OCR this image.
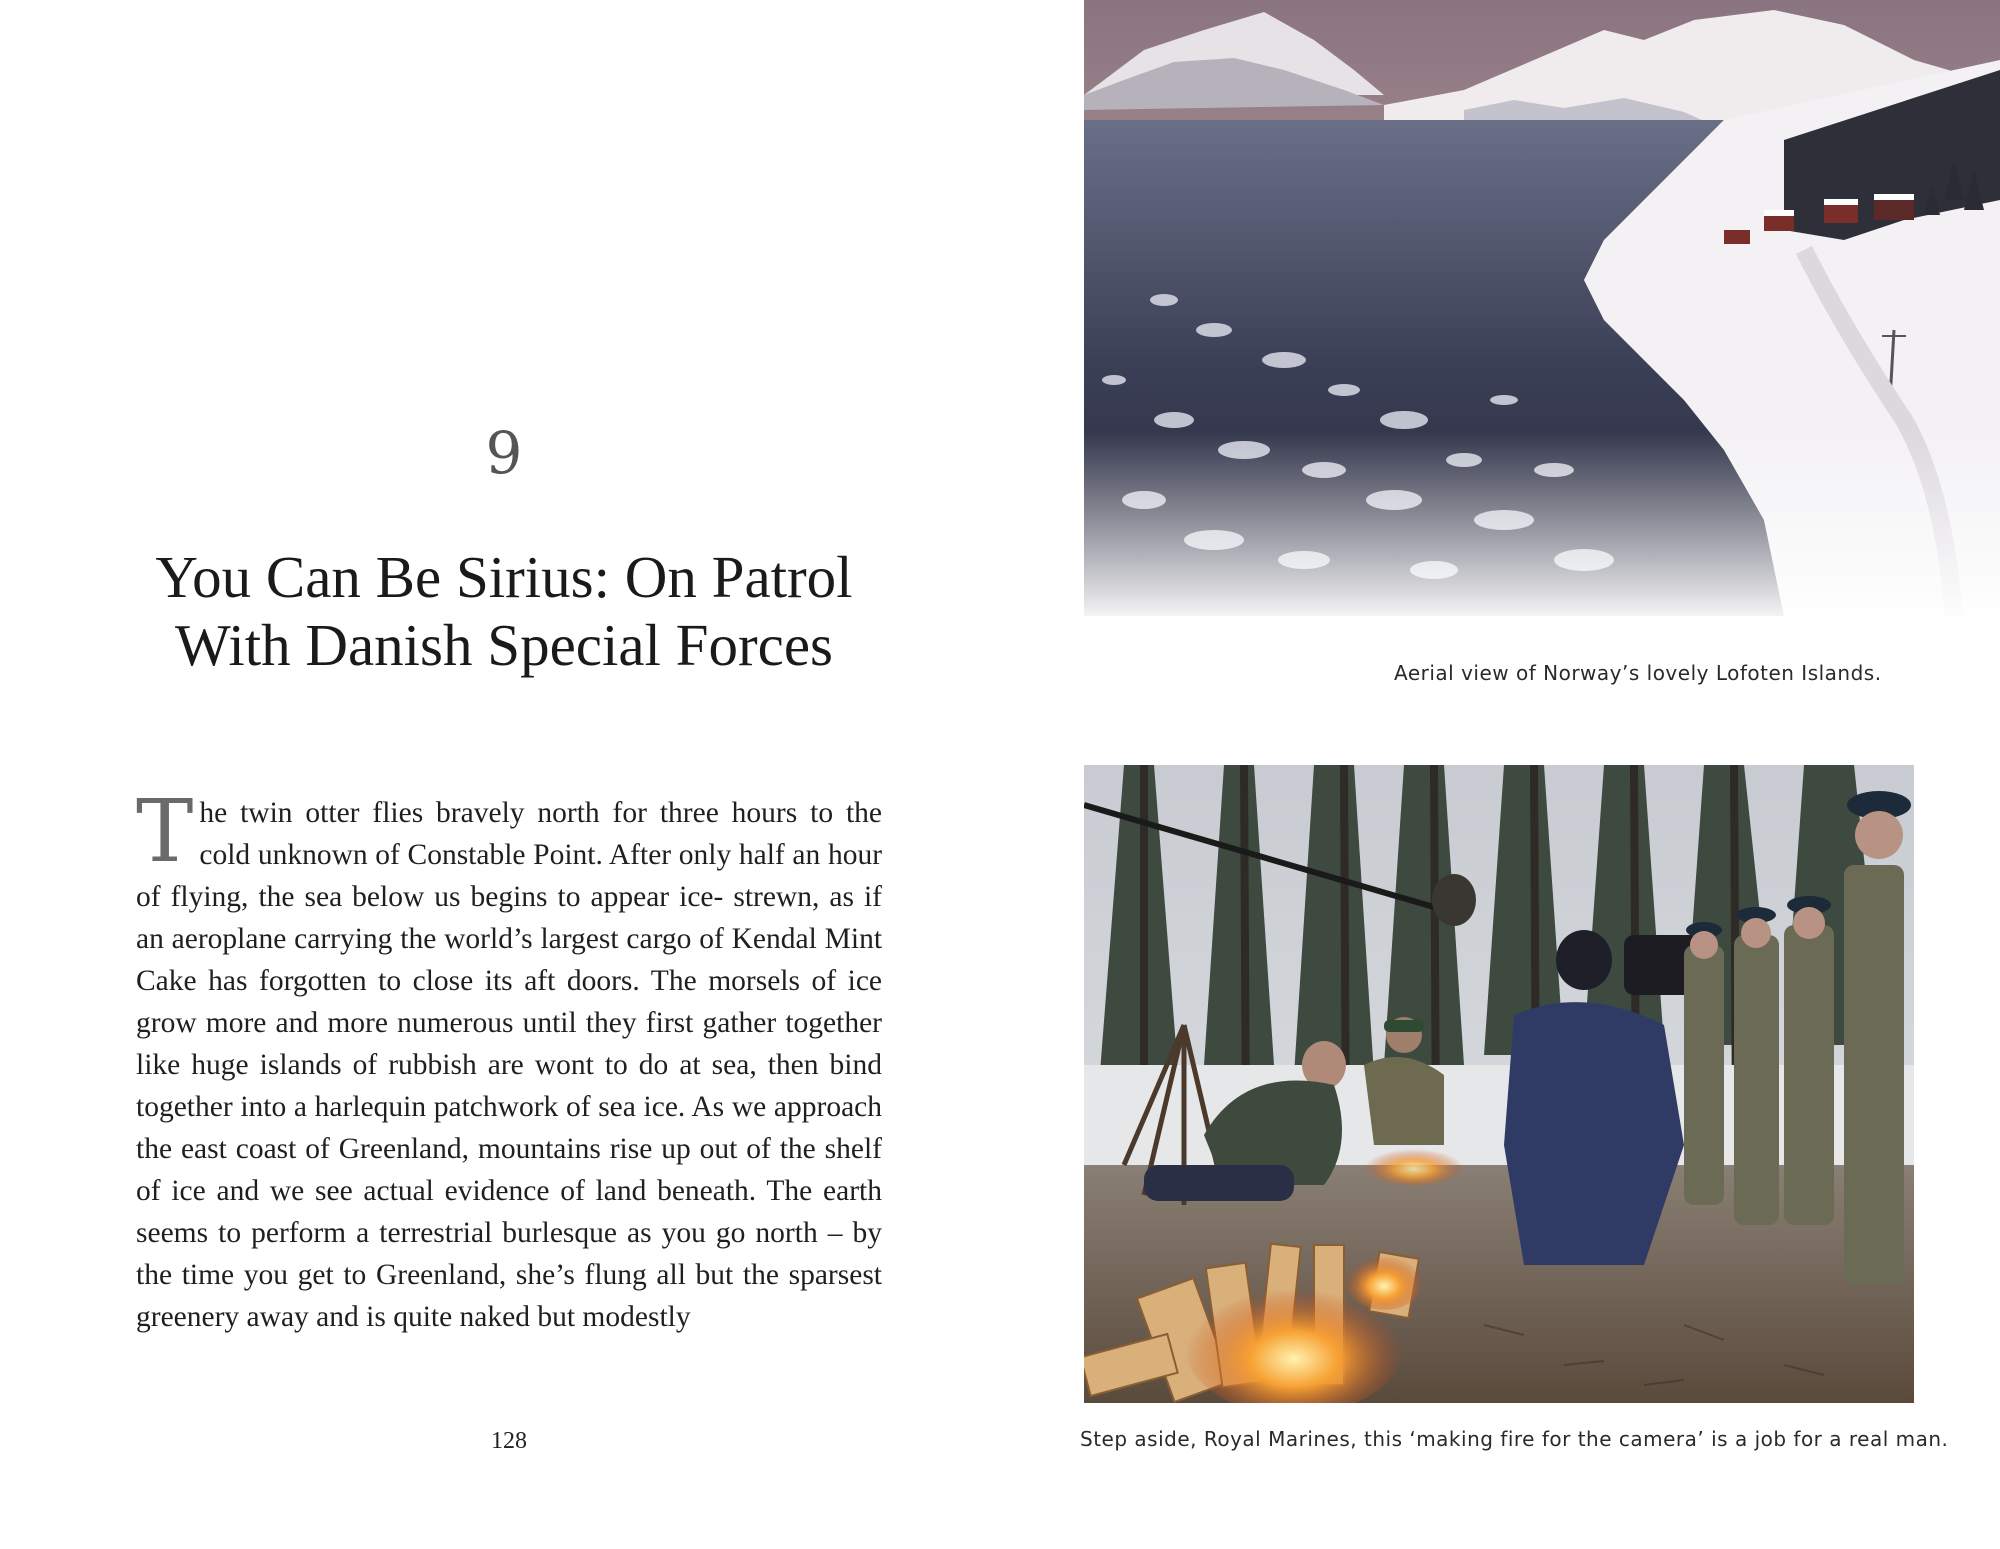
9
You Can Be Sirius: On Patrol
With Danish Special Forces

The twin otter flies bravely north for three hours to the cold unknown of Constable Point. After only half an hour of flying, the sea below us begins to appear ice- strewn, as if an aeroplane carrying the world’s largest cargo of Kendal Mint Cake has forgotten to close its aft doors. The morsels of ice grow more and more numerous until they first gather together like huge islands of rubbish are wont to do at sea, then bind together into a harlequin patchwork of sea ice. As we approach the east coast of Greenland, mountains rise up out of the shelf of ice and we see actual evidence of land beneath. The earth seems to perform a terrestrial burlesque as you go north – by the time you get to Greenland, she’s flung all but the sparsest greenery away and is quite naked but modestly

128
Aerial view of Norway’s lovely Lofoten Islands.
Step aside, Royal Marines, this ‘making fire for the camera’ is a job for a real man.
